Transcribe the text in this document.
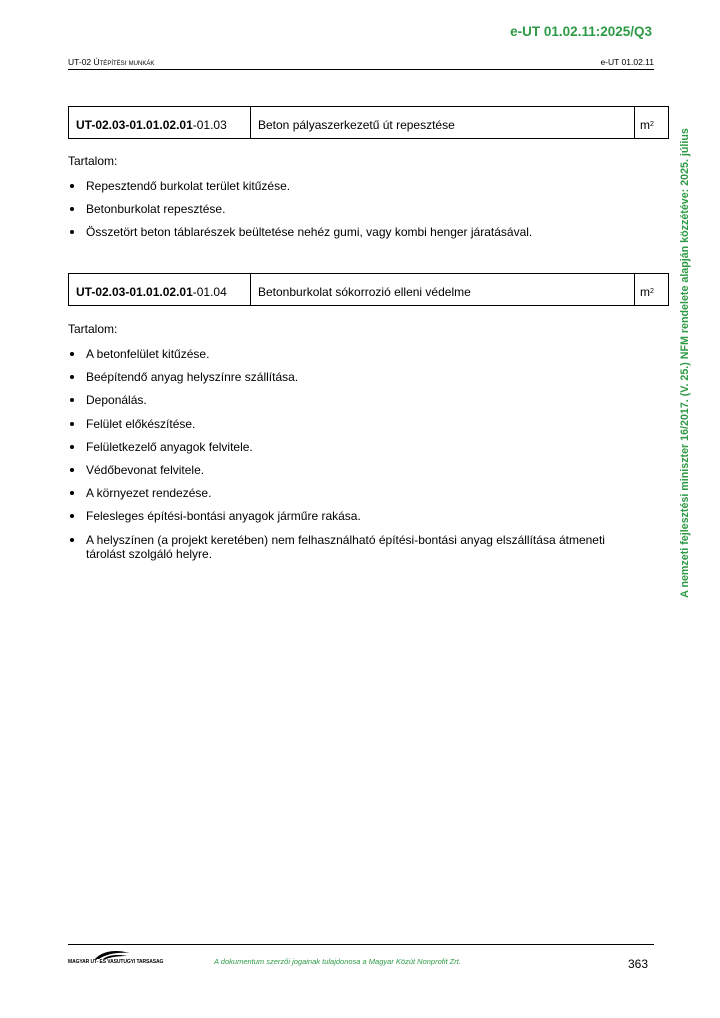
e-UT 01.02.11:2025/Q3
UT-02 Útépítési munkák	e-UT 01.02.11
A nemzeti fejlesztési miniszter 16/2017. (V. 25.) NFM rendelete alapján közzétéve: 2025. július
UT-02.03-01.01.02.01 -01.03	Beton pályaszerkezetű út repesztése	m 2
Tartalom:
Repesztendő burkolat terület kitűzése.
Betonburkolat repesztése.
Összetört beton táblarészek beültetése nehéz gumi, vagy kombi henger járatásával.
UT-02.03-01.01.02.01 -01.04	Betonburkolat sókorrozió elleni védelme	m 2
Tartalom:
A betonfelület kitűzése.
Beépítendő anyag helyszínre szállítása.
Deponálás.
Felület előkészítése.
Felületkezelő anyagok felvitele.
Védőbevonat felvitele.
A környezet rendezése.
Felesleges építési-bontási anyagok járműre rakása.
A helyszínen (a projekt keretében) nem felhasználható építési-bontási anyag elszállítása átmeneti tárolást szolgáló helyre.
MAGYAR UT- ES VASUTUGYI TARSASAG	A dokumentum szerzői jogainak tulajdonosa a Magyar Közút Nonprofit Zrt.	363
